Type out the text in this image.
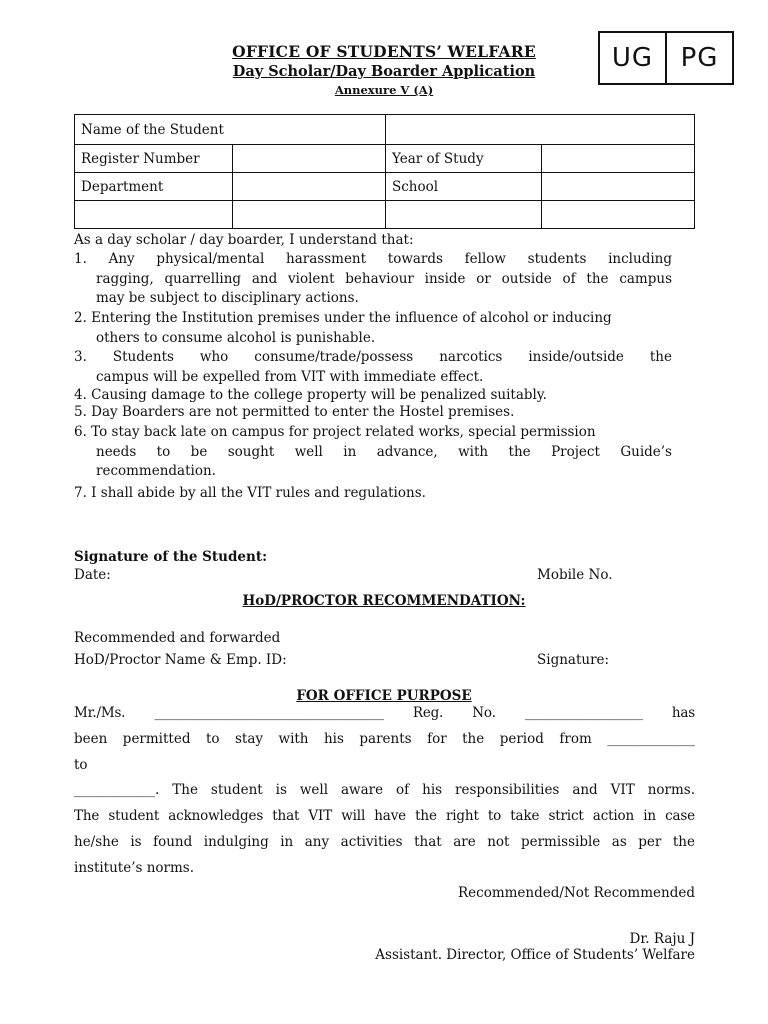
OFFICE OF STUDENTS’ WELFARE
Day Scholar/Day Boarder Application
Annexure V (A)
UG	PG
Name of the Student			
Register Number		Year of Study	
Department		School	

As a day scholar / day boarder, I understand that:
1. Any physical/mental harassment towards fellow students including
ragging, quarrelling and violent behaviour inside or outside of the campus
may be subject to disciplinary actions.
2. Entering the Institution premises under the influence of alcohol or inducing
others to consume alcohol is punishable.
3. Students who consume/trade/possess narcotics inside/outside the
campus will be expelled from VIT with immediate effect.
4. Causing damage to the college property will be penalized suitably.
5. Day Boarders are not permitted to enter the Hostel premises.
6. To stay back late on campus for project related works, special permission
needs to be sought well in advance, with the Project Guide’s
recommendation.
7. I shall abide by all the VIT rules and regulations.
Signature of the Student:
Date:	Mobile No.
HoD/PROCTOR RECOMMENDATION:
Recommended and forwarded
HoD/Proctor Name & Emp. ID:	Signature:
FOR OFFICE PURPOSE
Mr./Ms. ___________________________________ Reg. No. __________________ has
been permitted to stay with his parents for the period from _____________
to
____________. The student is well aware of his responsibilities and VIT norms.
The student acknowledges that VIT will have the right to take strict action in case
he/she is found indulging in any activities that are not permissible as per the
institute’s norms.
Recommended/Not Recommended
Dr. Raju J
Assistant. Director, Office of Students’ Welfare
